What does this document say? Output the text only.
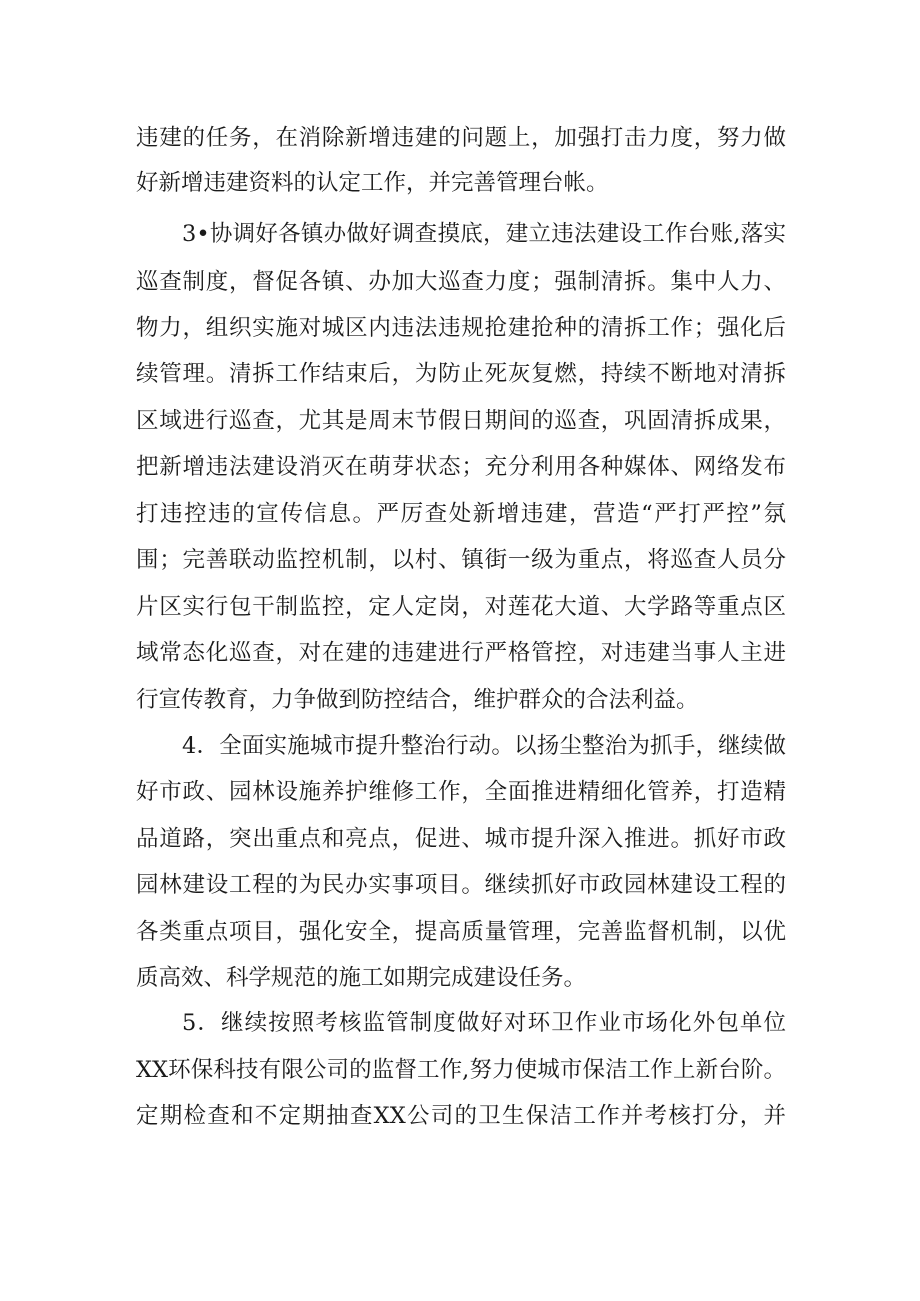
违建的任务，在消除新增违建的问题上，加强打击力度，努力做

好新增违建资料的认定工作，并完善管理台帐。

3•协调好各镇办做好调查摸底，建立违法建设工作台账,落实

巡查制度，督促各镇、办加大巡查力度；强制清拆。集中人力、

物力，组织实施对城区内违法违规抢建抢种的清拆工作；强化后

续管理。清拆工作结束后，为防止死灰复燃，持续不断地对清拆

区域进行巡查，尤其是周末节假日期间的巡查，巩固清拆成果，

把新增违法建设消灭在萌芽状态；充分利用各种媒体、网络发布

打违控违的宣传信息。严厉查处新增违建，营造“严打严控”氛

围；完善联动监控机制，以村、镇街一级为重点，将巡查人员分

片区实行包干制监控，定人定岗，对莲花大道、大学路等重点区

域常态化巡查，对在建的违建进行严格管控，对违建当事人主进

行宣传教育，力争做到防控结合，维护群众的合法利益。

4．全面实施城市提升整治行动。以扬尘整治为抓手，继续做

好市政、园林设施养护维修工作，全面推进精细化管养，打造精

品道路，突出重点和亮点，促进、城市提升深入推进。抓好市政

园林建设工程的为民办实事项目。继续抓好市政园林建设工程的

各类重点项目，强化安全，提高质量管理，完善监督机制，以优

质高效、科学规范的施工如期完成建设任务。

5．继续按照考核监管制度做好对环卫作业市场化外包单位

XX环保科技有限公司的监督工作,努力使城市保洁工作上新台阶。

定期检查和不定期抽查XX公司的卫生保洁工作并考核打分，并
